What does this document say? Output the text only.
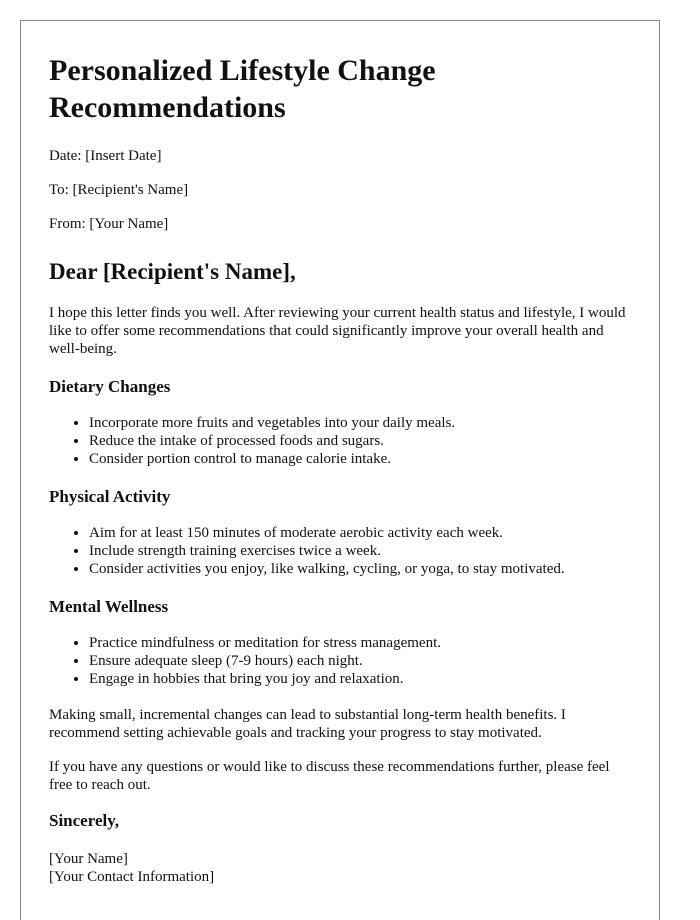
Personalized Lifestyle Change Recommendations

Date: [Insert Date]

To: [Recipient's Name]

From: [Your Name]

Dear [Recipient's Name],

I hope this letter finds you well. After reviewing your current health status and lifestyle, I would like to offer some recommendations that could significantly improve your overall health and well-being.

Dietary Changes
• Incorporate more fruits and vegetables into your daily meals.
• Reduce the intake of processed foods and sugars.
• Consider portion control to manage calorie intake.
Physical Activity
• Aim for at least 150 minutes of moderate aerobic activity each week.
• Include strength training exercises twice a week.
• Consider activities you enjoy, like walking, cycling, or yoga, to stay motivated.
Mental Wellness
• Practice mindfulness or meditation for stress management.
• Ensure adequate sleep (7-9 hours) each night.
• Engage in hobbies that bring you joy and relaxation.

Making small, incremental changes can lead to substantial long-term health benefits. I recommend setting achievable goals and tracking your progress to stay motivated.

If you have any questions or would like to discuss these recommendations further, please feel free to reach out.

Sincerely,
[Your Name]
[Your Contact Information]
